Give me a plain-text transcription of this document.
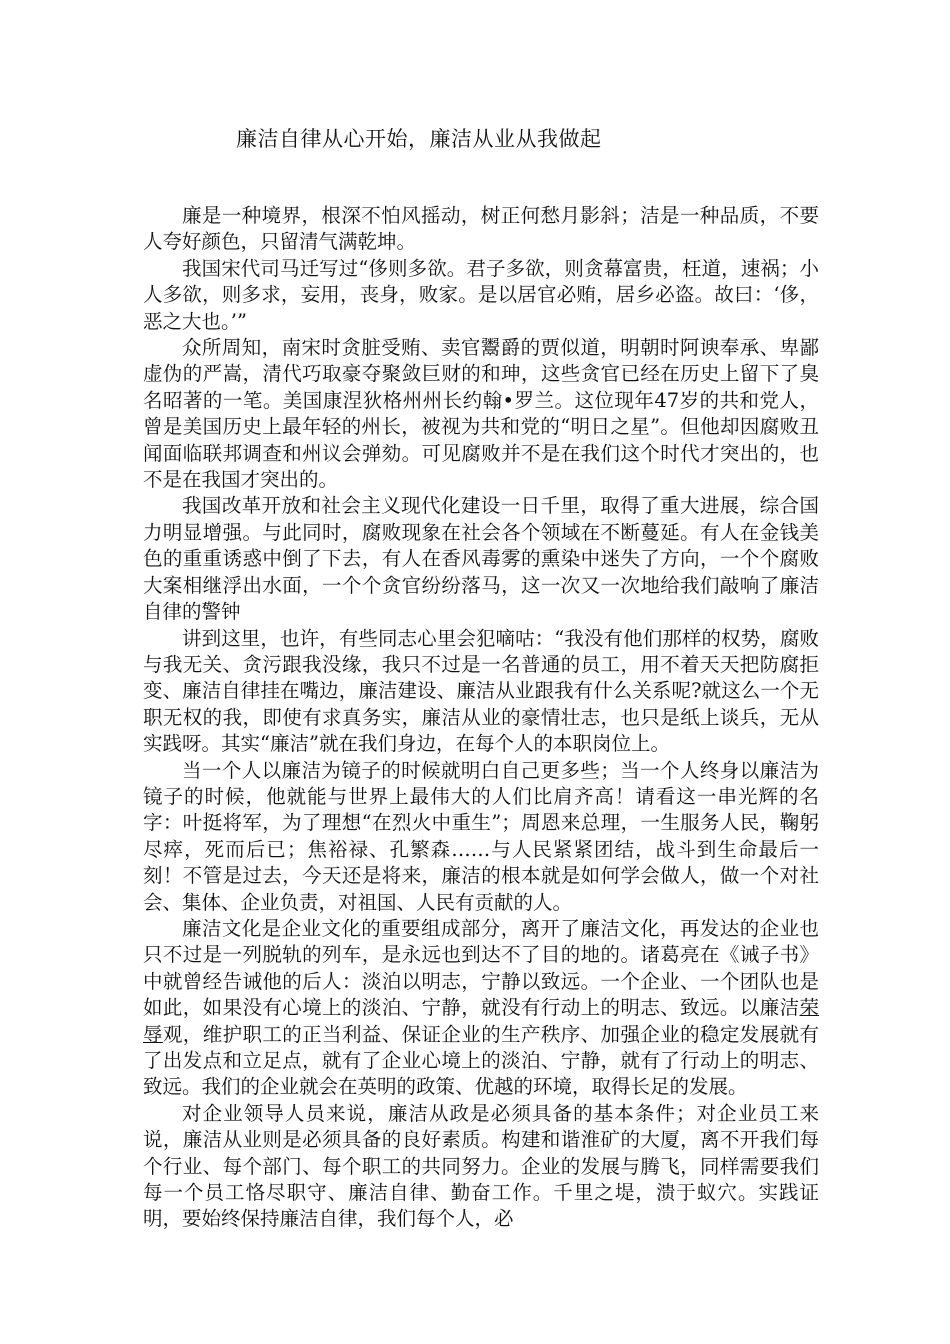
廉洁自律从心开始，廉洁从业从我做起

廉是一种境界，根深不怕风摇动，树正何愁月影斜；洁是一种品质，不要人夸好颜色，只留清气满乾坤。

我国宋代司马迁写过“侈则多欲。君子多欲，则贪幕富贵，枉道，速祸；小人多欲，则多求，妄用，丧身，败家。是以居官必贿，居乡必盗。故曰：‘侈，恶之大也。’”

众所周知，南宋时贪脏受贿、卖官鬻爵的贾似道，明朝时阿谀奉承、卑鄙虚伪的严嵩，清代巧取豪夺聚敛巨财的和珅，这些贪官已经在历史上留下了臭名昭著的一笔。美国康涅狄格州州长约翰•罗兰。这位现年47岁的共和党人，曾是美国历史上最年轻的州长，被视为共和党的“明日之星”。但他却因腐败丑闻面临联邦调查和州议会弹劾。可见腐败并不是在我们这个时代才突出的，也不是在我国才突出的。

我国改革开放和社会主义现代化建设一日千里，取得了重大进展，综合国力明显增强。与此同时，腐败现象在社会各个领域在不断蔓延。有人在金钱美色的重重诱惑中倒了下去，有人在香风毒雾的熏染中迷失了方向，一个个腐败大案相继浮出水面，一个个贪官纷纷落马，这一次又一次地给我们敲响了廉洁自律的警钟

讲到这里，也许，有些同志心里会犯嘀咕：“我没有他们那样的权势，腐败与我无关、贪污跟我没缘，我只不过是一名普通的员工，用不着天天把防腐拒变、廉洁自律挂在嘴边，廉洁建设、廉洁从业跟我有什么关系呢?就这么一个无职无权的我，即使有求真务实，廉洁从业的豪情壮志，也只是纸上谈兵，无从实践呀。其实“廉洁”就在我们身边，在每个人的本职岗位上。

当一个人以廉洁为镜子的时候就明白自己更多些；当一个人终身以廉洁为镜子的时候，他就能与世界上最伟大的人们比肩齐高！请看这一串光辉的名字：叶挺将军，为了理想“在烈火中重生”；周恩来总理，一生服务人民，鞠躬尽瘁，死而后已；焦裕禄、孔繁森……与人民紧紧团结，战斗到生命最后一刻！不管是过去，今天还是将来，廉洁的根本就是如何学会做人，做一个对社会、集体、企业负责，对祖国、人民有贡献的人。

廉洁文化是企业文化的重要组成部分，离开了廉洁文化，再发达的企业也只不过是一列脱轨的列车，是永远也到达不了目的地的。诸葛亮在《诫子书》中就曾经告诫他的后人：淡泊以明志，宁静以致远。一个企业、一个团队也是如此，如果没有心境上的淡泊、宁静，就没有行动上的明志、致远。以廉洁荣辱观，维护职工的正当利益、保证企业的生产秩序、加强企业的稳定发展就有了出发点和立足点，就有了企业心境上的淡泊、宁静，就有了行动上的明志、致远。我们的企业就会在英明的政策、优越的环境，取得长足的发展。

对企业领导人员来说，廉洁从政是必须具备的基本条件；对企业员工来说，廉洁从业则是必须具备的良好素质。构建和谐淮矿的大厦，离不开我们每个行业、每个部门、每个职工的共同努力。企业的发展与腾飞，同样需要我们每一个员工恪尽职守、廉洁自律、勤奋工作。千里之堤，溃于蚁穴。实践证明，要始终保持廉洁自律，我们每个人，必
